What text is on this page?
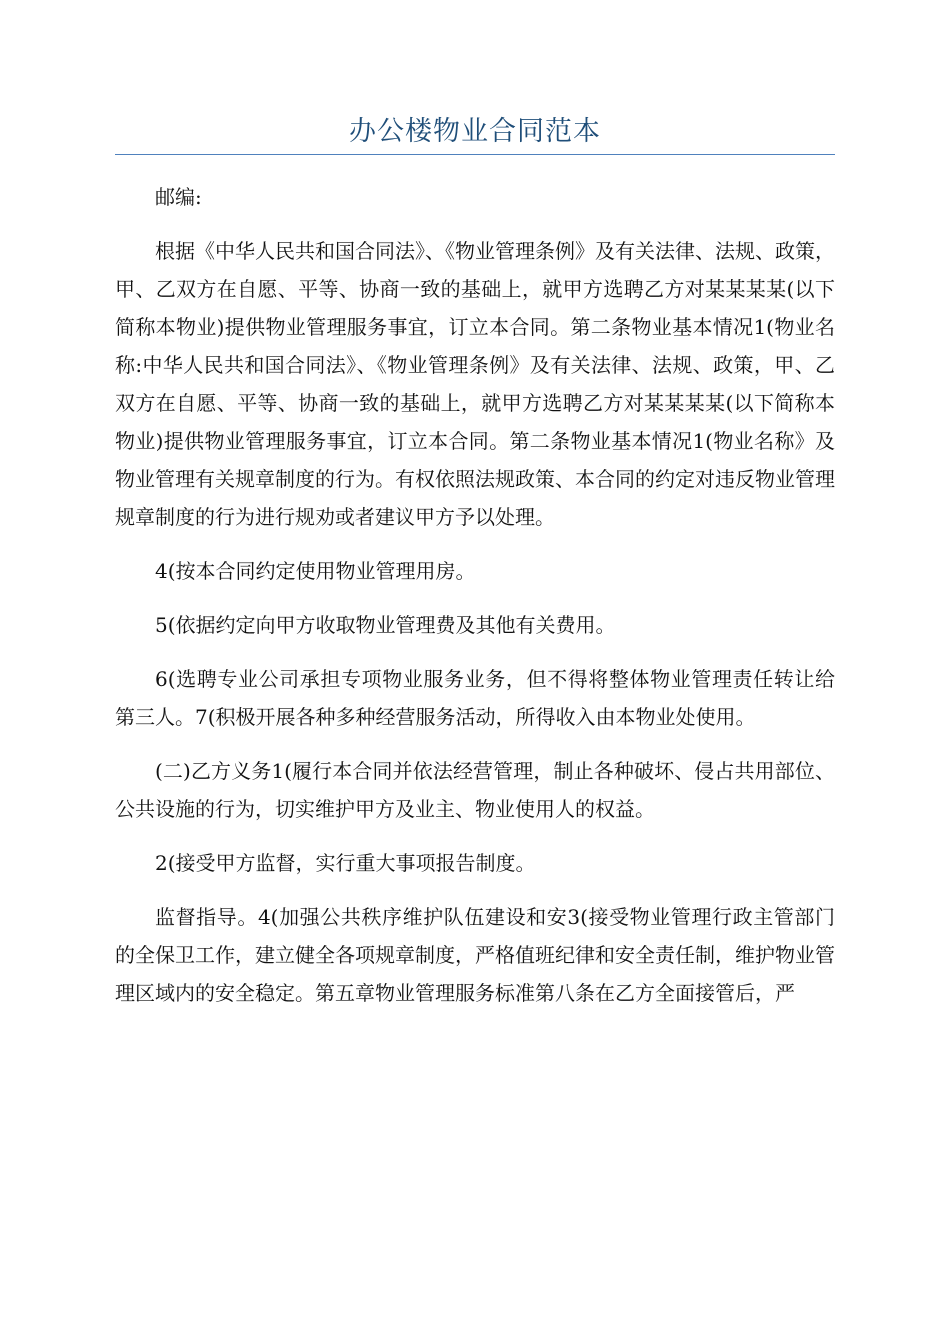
办公楼物业合同范本

邮编:

根据《中华人民共和国合同法》、《物业管理条例》及有关法律、法规、政策，甲、乙双方在自愿、平等、协商一致的基础上，就甲方选聘乙方对某某某某(以下简称本物业)提供物业管理服务事宜，订立本合同。第二条物业基本情况1(物业名称:中华人民共和国合同法》、《物业管理条例》及有关法律、法规、政策，甲、乙双方在自愿、平等、协商一致的基础上，就甲方选聘乙方对某某某某(以下简称本物业)提供物业管理服务事宜，订立本合同。第二条物业基本情况1(物业名称》及物业管理有关规章制度的行为。有权依照法规政策、本合同的约定对违反物业管理规章制度的行为进行规劝或者建议甲方予以处理。

4(按本合同约定使用物业管理用房。

5(依据约定向甲方收取物业管理费及其他有关费用。

6(选聘专业公司承担专项物业服务业务，但不得将整体物业管理责任转让给第三人。7(积极开展各种多种经营服务活动，所得收入由本物业处使用。

(二)乙方义务1(履行本合同并依法经营管理，制止各种破坏、侵占共用部位、公共设施的行为，切实维护甲方及业主、物业使用人的权益。

2(接受甲方监督，实行重大事项报告制度。

监督指导。4(加强公共秩序维护队伍建设和安3(接受物业管理行政主管部门的全保卫工作，建立健全各项规章制度，严格值班纪律和安全责任制，维护物业管理区域内的安全稳定。第五章物业管理服务标准第八条在乙方全面接管后，严
